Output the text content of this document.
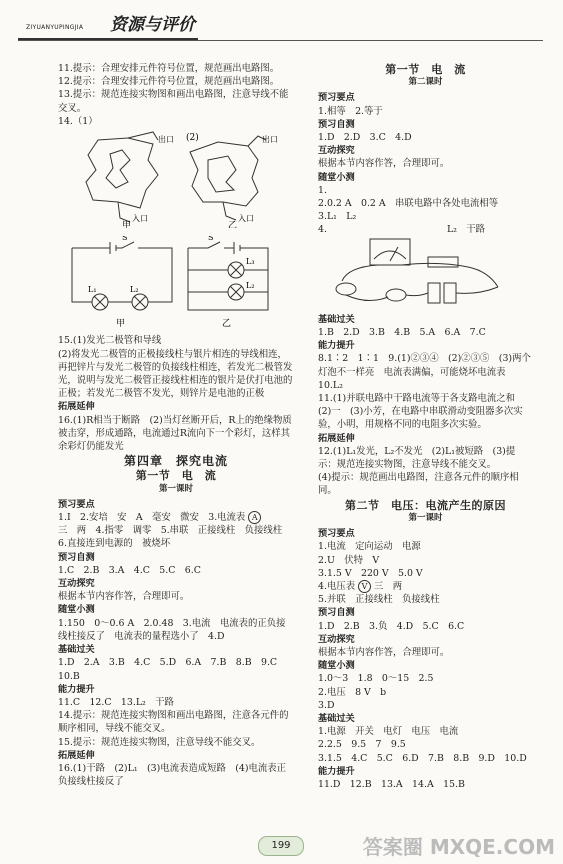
ZIYUANYUPINGJIA 资源与评价

11.提示：合理安排元件符号位置，规范画出电路图。

12.提示：合理安排元件符号位置，规范画出电路图。

13.提示：规范连接实物图和画出电路图，注意导线不能交叉。

14.（1）

出口
入口
甲
(2)	出口
入口
乙

S
L₁	L₂
甲
S
L₃
L₂
乙

15.(1)发光二极管和导线

(2)将发光二极管的正极接线柱与银片相连的导线相连，再把锌片与发光二极管的负接线柱相连，若发光二极管发光，说明与发光二极管正接线柱相连的银片是伏打电池的正极；若发光二极管不发光，则锌片是电池的正极

拓展延伸

16.(1)R相当于断路　(2)当灯丝断开后，R上的绝缘物质被击穿，形成通路，电流通过R流向下一个彩灯，这样其余彩灯仍能发光

第四章　探究电流
第一节　电　流
第一课时

预习要点

1.I　2.安培　安　A　毫安　微安　3.电流表 A

三　两　4.指零　调零　5.串联　正接线柱　负接线柱　6.直接连到电源的　被烧坏

预习自测

1.C　2.B　3.A　4.C　5.C　6.C

互动探究

根据本节内容作答，合理即可。

随堂小测

1.150　0～0.6 A　2.0.48　3.电流　电流表的正负接线柱接反了　电流表的量程选小了　4.D

基础过关

1.D　2.A　3.B　4.C　5.D　6.A　7.B　8.B　9.C　10.B

能力提升

11.C　12.C　13.L₂　干路

14.提示：规范连接实物图和画出电路图，注意各元件的顺序相同，导线不能交叉。

15.提示：规范连接实物图，注意导线不能交叉。

拓展延伸

16.(1)干路　(2)L₁　(3)电流表造成短路　(4)电流表正负接线柱接反了

第一节　电　流
第二课时

预习要点

1.相等　2.等于

预习自测

1.D　2.D　3.C　4.D

互动探究

根据本节内容作答，合理即可。

随堂小测

1.

2.0.2 A　0.2 A　串联电路中各处电流相等

3.L₁　L₂

4.	L₂　干路

基础过关

1.B　2.D　3.B　4.B　5.A　6.A　7.C

能力提升

8.1∶2　1∶1　9.(1)②③④　(2)②③⑤　(3)两个灯泡不一样亮　电流表满偏，可能烧坏电流表　10.L₂

11.(1)并联电路中干路电流等于各支路电流之和　(2)一　(3)小芳，在电路中串联滑动变阻器多次实验，小明，用规格不同的电阻多次实验。

拓展延伸

12.(1)L₁发光，L₂不发光　(2)L₁被短路　(3)提示：规范连接实物图，注意导线不能交叉。

(4)提示：规范画出电路图，注意各元件的顺序相同。

第二节　电压：电流产生的原因
第一课时

预习要点

1.电流　定向运动　电源

2.U　伏特　V

3.1.5 V　220 V　5.0 V

4.电压表 V 三　两

5.并联　正接线柱　负接线柱

预习自测

1.D　2.B　3.负　4.D　5.C　6.C

互动探究

根据本节内容作答，合理即可。

随堂小测

1.0～3　1.8　0～15　2.5

2.电压　8 V　b

3.D

基础过关

1.电源　开关　电灯　电压　电流

2.2.5　9.5　7　9.5

3.1.5　4.C　5.C　6.D　7.B　8.B　9.D　10.D

能力提升

11.D　12.B　13.A　14.A　15.B

199	答案圈 MXQE.COM
